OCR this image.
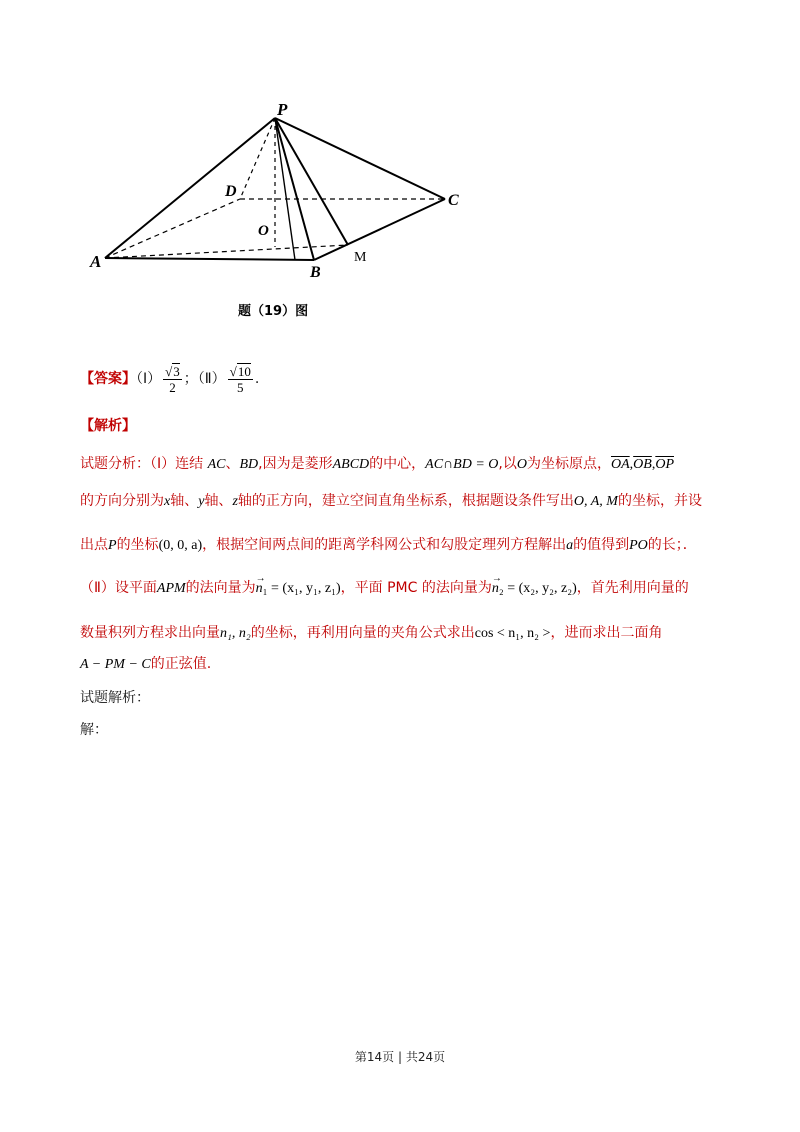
P
D
C
O
A
B
M
题（19）图
【答案】（Ⅰ） $\frac{√3}{2}$ ；（Ⅱ） $\frac{√10}{5}$ .
【解析】
试题分析：（Ⅰ）连结 AC、BD,因为是菱形ABCD的中心，AC∩BD = O,以O为坐标原点，$\overline{OA},\overline{OB},\overline{OP}$
的方向分别为x轴、y轴、z轴的正方向，建立空间直角坐标系，根据题设条件写出O, A, M的坐标，并设
出点P的坐标(0, 0, a)，根据空间两点间的距离学科网公式和勾股定理列方程解出a的值得到PO的长；．
（Ⅱ）设平面APM的法向量为→ n₁ = (x₁, y₁, z₁)，平面 PMC 的法向量为→ n₂ = (x₂, y₂, z₂)，首先利用向量的
数量积列方程求出向量n₁, n₂的坐标，再利用向量的夹角公式求出cos < n₁, n₂ >，进而求出二面角
A − PM − C的正弦值.
试题解析：
解：
第14页 | 共24页
